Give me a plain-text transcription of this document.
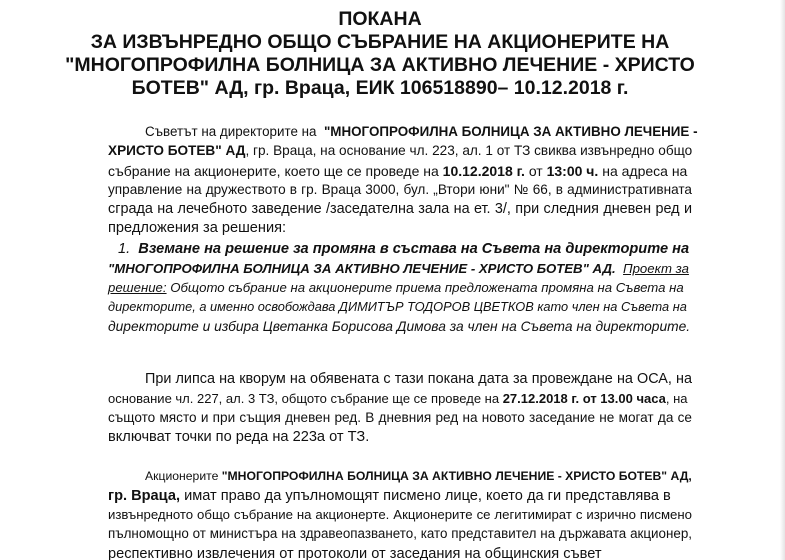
ПОКАНА
ЗА ИЗВЪНРЕДНО ОБЩО СЪБРАНИЕ НА АКЦИОНЕРИТЕ НА
"МНОГОПРОФИЛНА БОЛНИЦА ЗА АКТИВНО ЛЕЧЕНИЕ - ХРИСТО
БОТЕВ" АД, гр. Враца, ЕИК 106518890– 10.12.2018 г.
Съветът на директорите на "МНОГОПРОФИЛНА БОЛНИЦА ЗА АКТИВНО ЛЕЧЕНИЕ -
ХРИСТО БОТЕВ" АД, гр. Враца, на основание чл. 223, ал. 1 от ТЗ свиква извънредно общо
събрание на акционерите, което ще се проведе на 10.12.2018 г. от 13:00 ч. на адреса на
управление на дружеството в гр. Враца 3000, бул. „Втори юни" № 66, в административната
сграда на лечебното заведение /заседателна зала на ет. 3/, при следния дневен ред и
предложения за решения:
1. Вземане на решение за промяна в състава на Съвета на директорите на
"МНОГОПРОФИЛНА БОЛНИЦА ЗА АКТИВНО ЛЕЧЕНИЕ - ХРИСТО БОТЕВ" АД. Проект за
решение: Общото събрание на акционерите приема предложената промяна на Съвета на
директорите, а именно освобождава ДИМИТЪР ТОДОРОВ ЦВЕТКОВ като член на Съвета на
директорите и избира Цветанка Борисова Димова за член на Съвета на директорите.
При липса на кворум на обявената с тази покана дата за провеждане на ОСА, на
основание чл. 227, ал. 3 ТЗ, общото събрание ще се проведе на 27.12.2018 г. от 13.00 часа, на
същото място и при същия дневен ред. В дневния ред на новото заседание не могат да се
включват точки по реда на 223а от ТЗ.
Акционерите "МНОГОПРОФИЛНА БОЛНИЦА ЗА АКТИВНО ЛЕЧЕНИЕ - ХРИСТО БОТЕВ" АД,
гр. Враца, имат право да упълномощят писмено лице, което да ги представлява в
извънредното общо събрание на акционерте. Акционерите се легитимират с изрично писмено
пълномощно от министъра на здравеопазването, като представител на държавата акционер,
респективно извлечения от протоколи от заседания на общинския съвет
